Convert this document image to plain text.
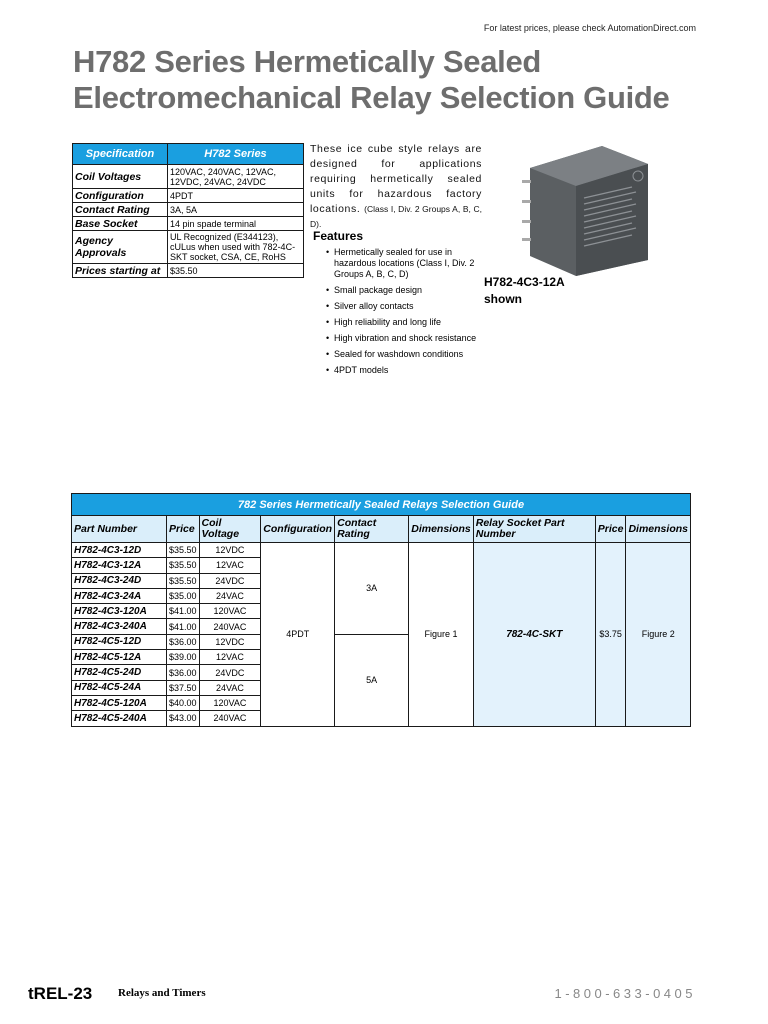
For latest prices, please check AutomationDirect.com
H782 Series Hermetically Sealed
Electromechanical Relay Selection Guide
Specification	H782 Series
Coil Voltages	120VAC, 240VAC, 12VAC, 12VDC, 24VAC, 24VDC
Configuration	4PDT
Contact Rating	3A, 5A
Base Socket	14 pin spade terminal
Agency Approvals	UL Recognized (E344123), cULus when used with 782-4C-SKT socket, CSA, CE, RoHS
Prices starting at	$35.50
These ice cube style relays are designed for applications requiring hermetically sealed units for hazardous factory locations. (Class I, Div. 2 Groups A, B, C, D).
Features
• Hermetically sealed for use in hazardous locations (Class I, Div. 2 Groups A, B, C, D)
• Small package design
• Silver alloy contacts
• High reliability and long life
• High vibration and shock resistance
• Sealed for washdown conditions
• 4PDT models
H782-4C3-12A
shown
782 Series Hermetically Sealed Relays Selection Guide								
Part Number	Price	Coil Voltage	Configuration	Contact Rating	Dimensions	Relay Socket Part Number	Price	Dimensions
H782-4C3-12D	$35.50	12VDC	4PDT	3A	Figure 1	782-4C-SKT	$3.75	Figure 2
H782-4C3-12A	$35.50	12VAC						
H782-4C3-24D	$35.50	24VDC						
H782-4C3-24A	$35.00	24VAC						
H782-4C3-120A	$41.00	120VAC						
H782-4C3-240A	$41.00	240VAC						
H782-4C5-12D	$36.00	12VDC		5A				
H782-4C5-12A	$39.00	12VAC						
H782-4C5-24D	$36.00	24VDC						
H782-4C5-24A	$37.50	24VAC						
H782-4C5-120A	$40.00	120VAC						
H782-4C5-240A	$43.00	240VAC						
tREL-23 Relays and Timers	1-800-633-0405
